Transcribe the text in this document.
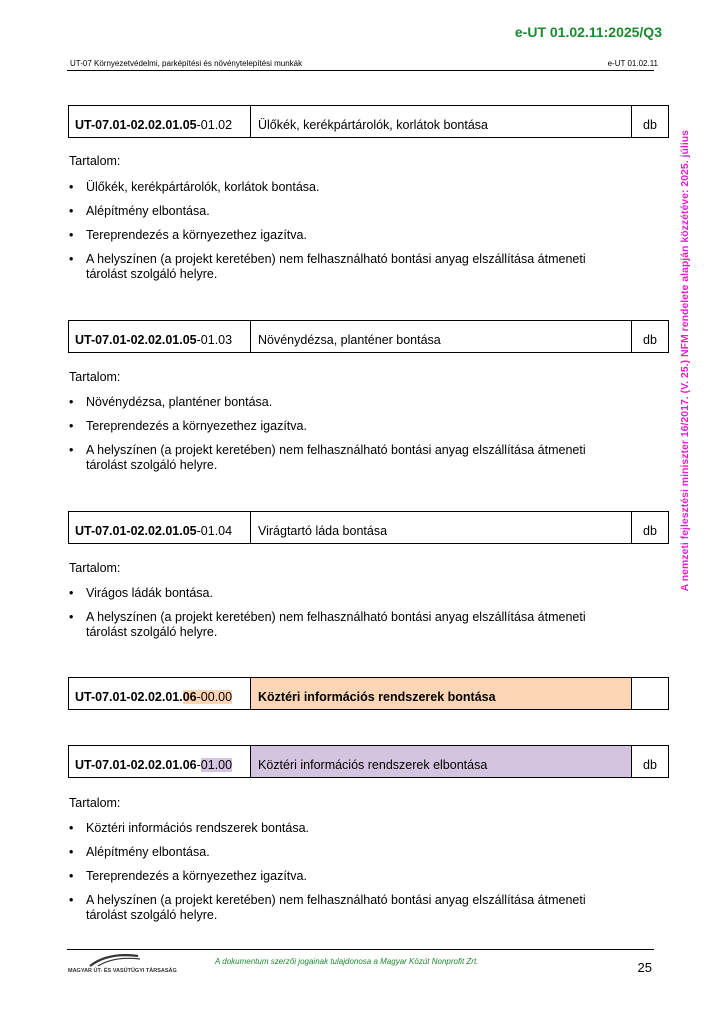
e-UT 01.02.11:2025/Q3
UT-07 Környezetvédelmi, parképítési és növénytelepítési munkák	e-UT 01.02.11
A nemzeti fejlesztési miniszter 16/2017. (V. 25.) NFM rendelete alapján közzétéve: 2025. július
UT-07.01-02.02.01.05 -01.02	Ülőkék, kerékpártárolók, korlátok bontása	db
Tartalom:
• Ülőkék, kerékpártárolók, korlátok bontása.
• Alépítmény elbontása.
• Tereprendezés a környezethez igazítva.
• A helyszínen (a projekt keretében) nem felhasználható bontási anyag elszállítása átmeneti tárolást szolgáló helyre.
UT-07.01-02.02.01.05 -01.03	Növénydézsa, planténer bontása	db
Tartalom:
• Növénydézsa, planténer bontása.
• Tereprendezés a környezethez igazítva.
• A helyszínen (a projekt keretében) nem felhasználható bontási anyag elszállítása átmeneti tárolást szolgáló helyre.
UT-07.01-02.02.01.05 -01.04	Virágtartó láda bontása	db
Tartalom:
• Virágos ládák bontása.
• A helyszínen (a projekt keretében) nem felhasználható bontási anyag elszállítása átmeneti tárolást szolgáló helyre.
UT-07.01-02.02.01. 06 -00.00	Köztéri információs rendszerek bontása
UT-07.01-02.02.01.06 - 01.00	Köztéri információs rendszerek elbontása	db
Tartalom:
• Köztéri információs rendszerek bontása.
• Alépítmény elbontása.
• Tereprendezés a környezethez igazítva.
• A helyszínen (a projekt keretében) nem felhasználható bontási anyag elszállítása átmeneti tárolást szolgáló helyre.
MAGYAR ÚT- ÉS VASÚTÜGYI TÁRSASÁG
A dokumentum szerzői jogainak tulajdonosa a Magyar Közút Nonprofit Zrt.	25
